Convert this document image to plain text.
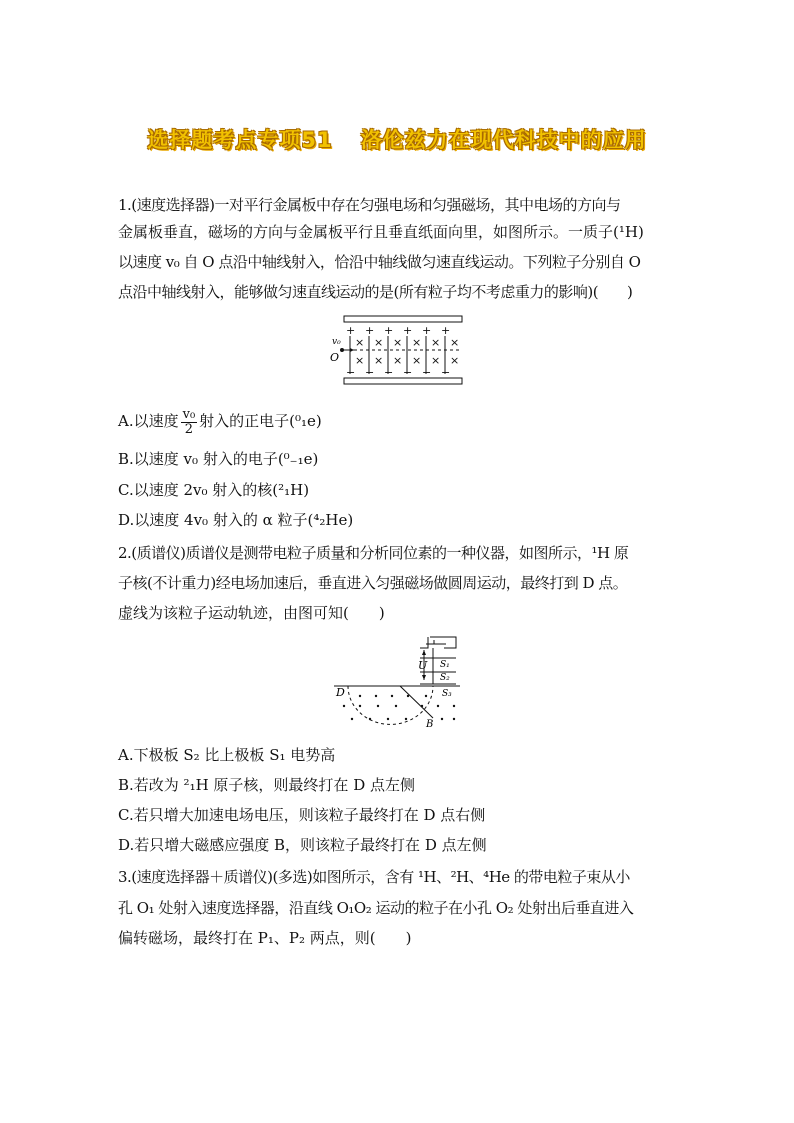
选择题考点专项51 洛伦兹力在现代科技中的应用
1.(速度选择器)一对平行金属板中存在匀强电场和匀强磁场，其中电场的方向与
金属板垂直，磁场的方向与金属板平行且垂直纸面向里，如图所示。一质子(¹H)
以速度 v₀ 自 O 点沿中轴线射入，恰沿中轴线做匀速直线运动。下列粒子分别自 O
点沿中轴线射入，能够做匀速直线运动的是(所有粒子均不考虑重力的影响)(　　)
+ + + + + +
× × × × × ×
× × × × × ×
v₀
O
− − − − − −
A.以速度 $\frac{\text{v₀}}{2}$ 射入的正电子(⁰₁e)
B.以速度 v₀ 射入的电子(⁰₋₁e)
C.以速度 2v₀ 射入的核(²₁H)
D.以速度 4v₀ 射入的 α 粒子(⁴₂He)
2.(质谱仪)质谱仪是测带电粒子质量和分析同位素的一种仪器，如图所示，¹H 原
子核(不计重力)经电场加速后，垂直进入匀强磁场做圆周运动，最终打到 D 点。
虚线为该粒子运动轨迹，由图可知(　　)
U S₁
S₂
S₃
D
B
A.下极板 S₂ 比上极板 S₁ 电势高
B.若改为 ²₁H 原子核，则最终打在 D 点左侧
C.若只增大加速电场电压，则该粒子最终打在 D 点右侧
D.若只增大磁感应强度 B，则该粒子最终打在 D 点左侧
3.(速度选择器＋质谱仪)(多选)如图所示，含有 ¹H、²H、⁴He 的带电粒子束从小
孔 O₁ 处射入速度选择器，沿直线 O₁O₂ 运动的粒子在小孔 O₂ 处射出后垂直进入
偏转磁场，最终打在 P₁、P₂ 两点，则(　　)
